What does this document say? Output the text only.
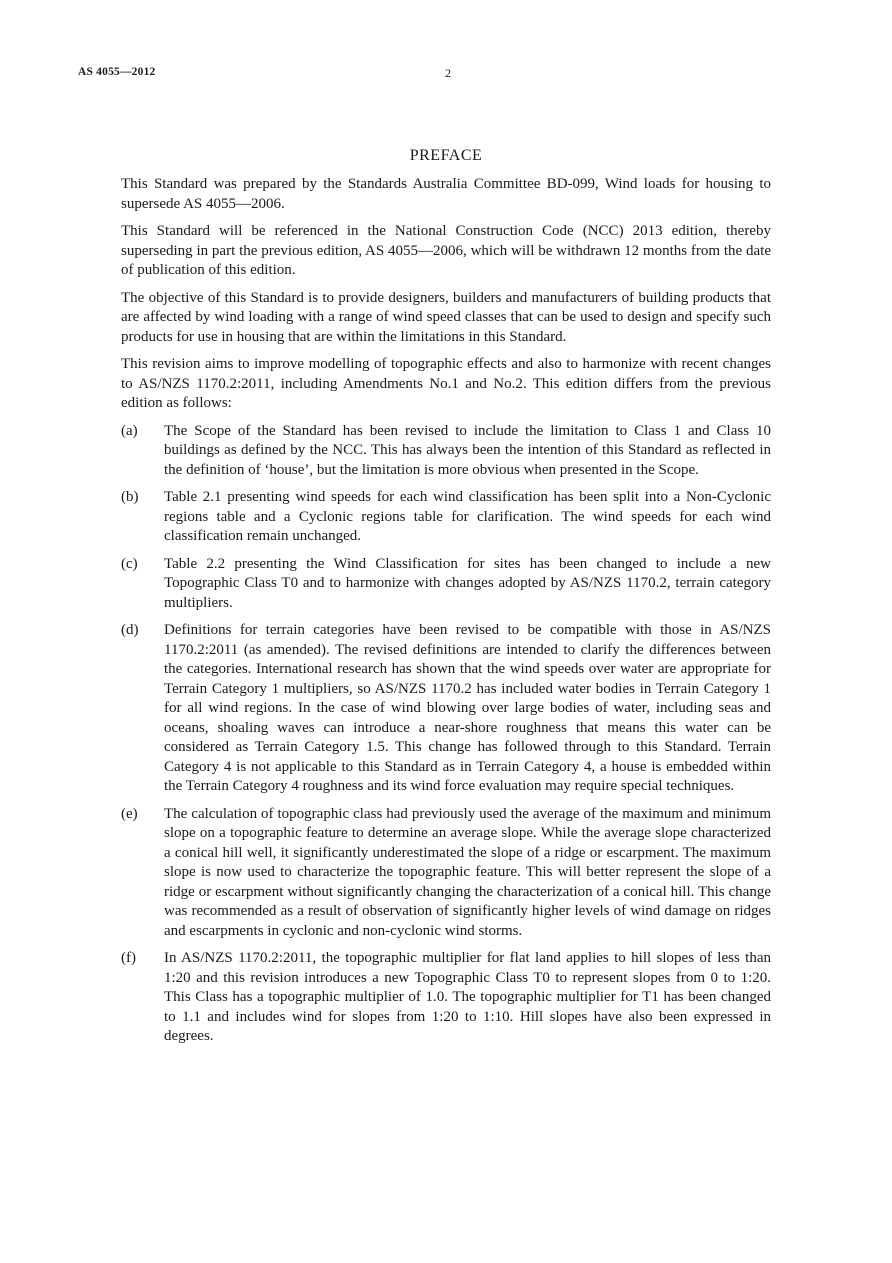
AS 4055—2012	2
PREFACE

This Standard was prepared by the Standards Australia Committee BD-099, Wind loads for housing to supersede AS 4055—2006.

This Standard will be referenced in the National Construction Code (NCC) 2013 edition, thereby superseding in part the previous edition, AS 4055—2006, which will be withdrawn 12 months from the date of publication of this edition.

The objective of this Standard is to provide designers, builders and manufacturers of building products that are affected by wind loading with a range of wind speed classes that can be used to design and specify such products for use in housing that are within the limitations in this Standard.

This revision aims to improve modelling of topographic effects and also to harmonize with recent changes to AS/NZS 1170.2:2011, including Amendments No.1 and No.2. This edition differs from the previous edition as follows:

(a)	The Scope of the Standard has been revised to include the limitation to Class 1 and Class 10 buildings as defined by the NCC. This has always been the intention of this Standard as reflected in the definition of ‘house’, but the limitation is more obvious when presented in the Scope.
(b)	Table 2.1 presenting wind speeds for each wind classification has been split into a Non-Cyclonic regions table and a Cyclonic regions table for clarification. The wind speeds for each wind classification remain unchanged.
(c)	Table 2.2 presenting the Wind Classification for sites has been changed to include a new Topographic Class T0 and to harmonize with changes adopted by AS/NZS 1170.2, terrain category multipliers.
(d)	Definitions for terrain categories have been revised to be compatible with those in AS/NZS 1170.2:2011 (as amended). The revised definitions are intended to clarify the differences between the categories. International research has shown that the wind speeds over water are appropriate for Terrain Category 1 multipliers, so AS/NZS 1170.2 has included water bodies in Terrain Category 1 for all wind regions. In the case of wind blowing over large bodies of water, including seas and oceans, shoaling waves can introduce a near-shore roughness that means this water can be considered as Terrain Category 1.5. This change has followed through to this Standard. Terrain Category 4 is not applicable to this Standard as in Terrain Category 4, a house is embedded within the Terrain Category 4 roughness and its wind force evaluation may require special techniques.
(e)	The calculation of topographic class had previously used the average of the maximum and minimum slope on a topographic feature to determine an average slope. While the average slope characterized a conical hill well, it significantly underestimated the slope of a ridge or escarpment. The maximum slope is now used to characterize the topographic feature. This will better represent the slope of a ridge or escarpment without significantly changing the characterization of a conical hill. This change was recommended as a result of observation of significantly higher levels of wind damage on ridges and escarpments in cyclonic and non-cyclonic wind storms.
(f)	In AS/NZS 1170.2:2011, the topographic multiplier for flat land applies to hill slopes of less than 1:20 and this revision introduces a new Topographic Class T0 to represent slopes from 0 to 1:20. This Class has a topographic multiplier of 1.0. The topographic multiplier for T1 has been changed to 1.1 and includes wind for slopes from 1:20 to 1:10. Hill slopes have also been expressed in degrees.
